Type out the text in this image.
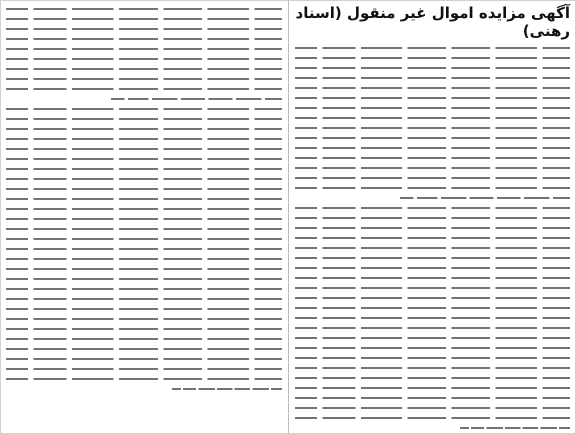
آگهی مزایده اموال غیر منقول (اسناد رهنی)
